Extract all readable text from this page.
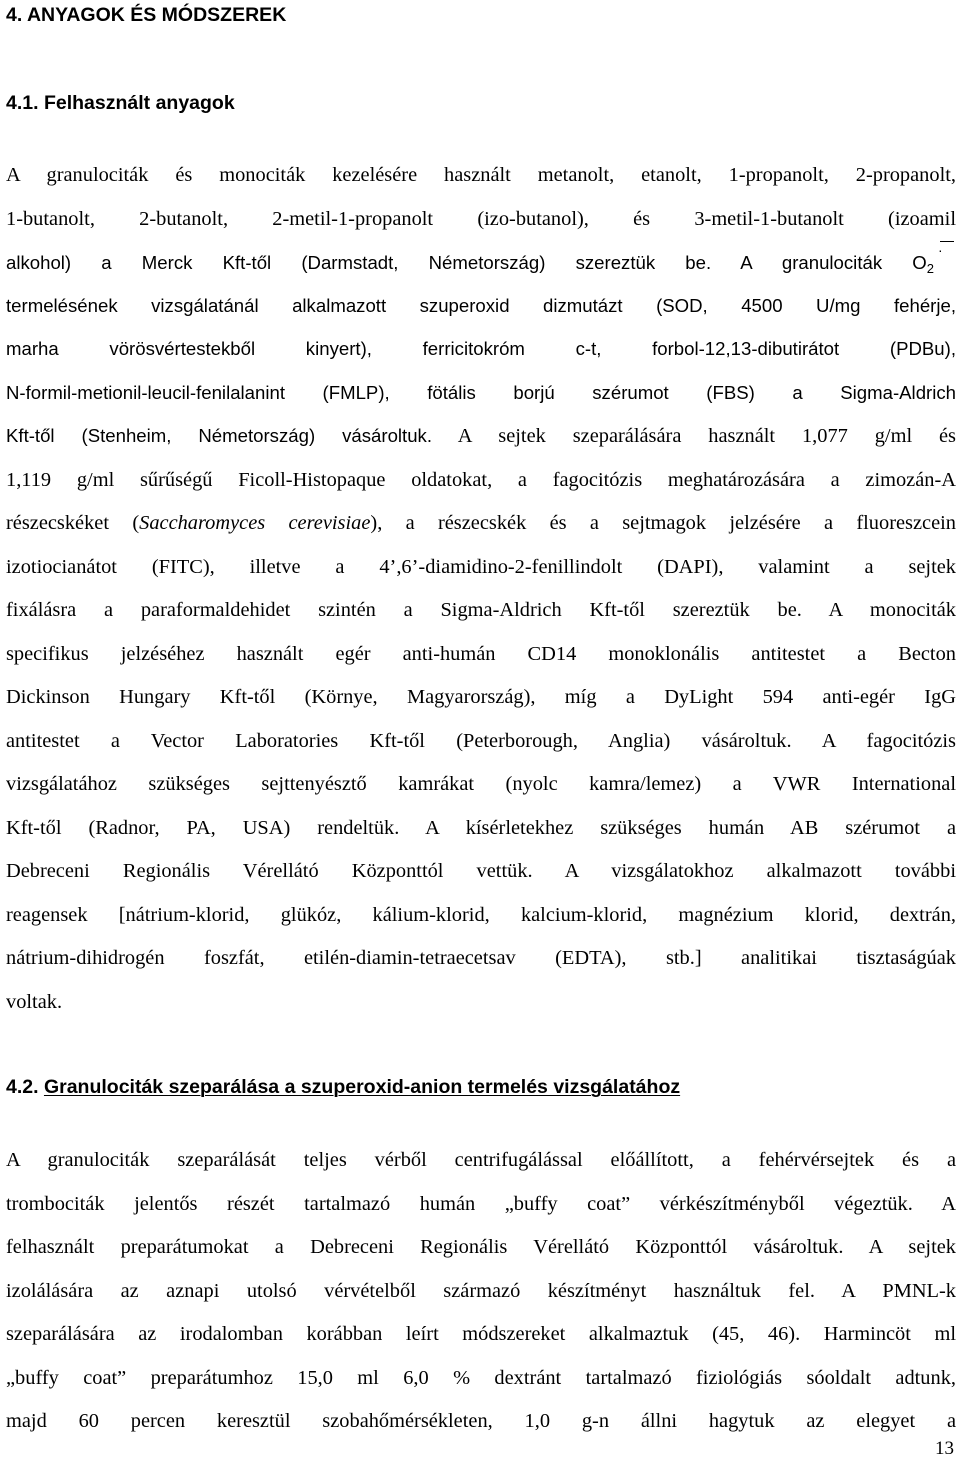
4. ANYAGOK ÉS MÓDSZEREK
4.1. Felhasznált anyagok
A granulociták és monociták kezelésére használt metanolt, etanolt, 1-propanolt, 2-propanolt,
1-butanolt, 2-butanolt, 2-metil-1-propanolt (izo-butanol), és 3-metil-1-butanolt (izoamil
alkohol) a Merck Kft-től (Darmstadt, Németország) szereztük be. A granulociták $O_2$
·
termelésének vizsgálatánál alkalmazott szuperoxid dizmutázt (SOD, 4500 U/mg fehérje,
marha vörösvértestekből kinyert), ferricitokróm c-t, forbol-12,13-dibutirátot (PDBu),
N-formil-metionil-leucil-fenilalanint (FMLP), fötális borjú szérumot (FBS) a Sigma-Aldrich
Kft-től (Stenheim, Németország) vásároltuk. A sejtek szeparálására használt 1,077 g/ml és
1,119 g/ml sűrűségű Ficoll-Histopaque oldatokat, a fagocitózis meghatározására a zimozán-A
részecskéket (Saccharomyces cerevisiae), a részecskék és a sejtmagok jelzésére a fluoreszcein
izotiocianátot (FITC), illetve a 4’,6’-diamidino-2-fenillindolt (DAPI), valamint a sejtek
fixálásra a paraformaldehidet szintén a Sigma-Aldrich Kft-től szereztük be. A monociták
specifikus jelzéséhez használt egér anti-humán CD14 monoklonális antitestet a Becton
Dickinson Hungary Kft-től (Környe, Magyarország), míg a DyLight 594 anti-egér IgG
antitestet a Vector Laboratories Kft-től (Peterborough, Anglia) vásároltuk. A fagocitózis
vizsgálatához szükséges sejttenyésztő kamrákat (nyolc kamra/lemez) a VWR International
Kft-től (Radnor, PA, USA) rendeltük. A kísérletekhez szükséges humán AB szérumot a
Debreceni Regionális Vérellátó Központtól vettük. A vizsgálatokhoz alkalmazott további
reagensek [nátrium-klorid, glükóz, kálium-klorid, kalcium-klorid, magnézium klorid, dextrán,
nátrium-dihidrogén foszfát, etilén-diamin-tetraecetsav (EDTA), stb.] analitikai tisztaságúak
voltak.
4.2. Granulociták szeparálása a szuperoxid-anion termelés vizsgálatához
A granulociták szeparálását teljes vérből centrifugálással előállított, a fehérvérsejtek és a
trombociták jelentős részét tartalmazó humán „buffy coat” vérkészítményből végeztük. A
felhasznált preparátumokat a Debreceni Regionális Vérellátó Központtól vásároltuk. A sejtek
izolálására az aznapi utolsó vérvételből származó készítményt használtuk fel. A PMNL-k
szeparálására az irodalomban korábban leírt módszereket alkalmaztuk (45, 46). Harmincöt ml
„buffy coat” preparátumhoz 15,0 ml 6,0 % dextránt tartalmazó fiziológiás sóoldalt adtunk,
majd 60 percen keresztül szobahőmérsékleten, 1,0 g-n állni hagytuk az elegyet a
13
